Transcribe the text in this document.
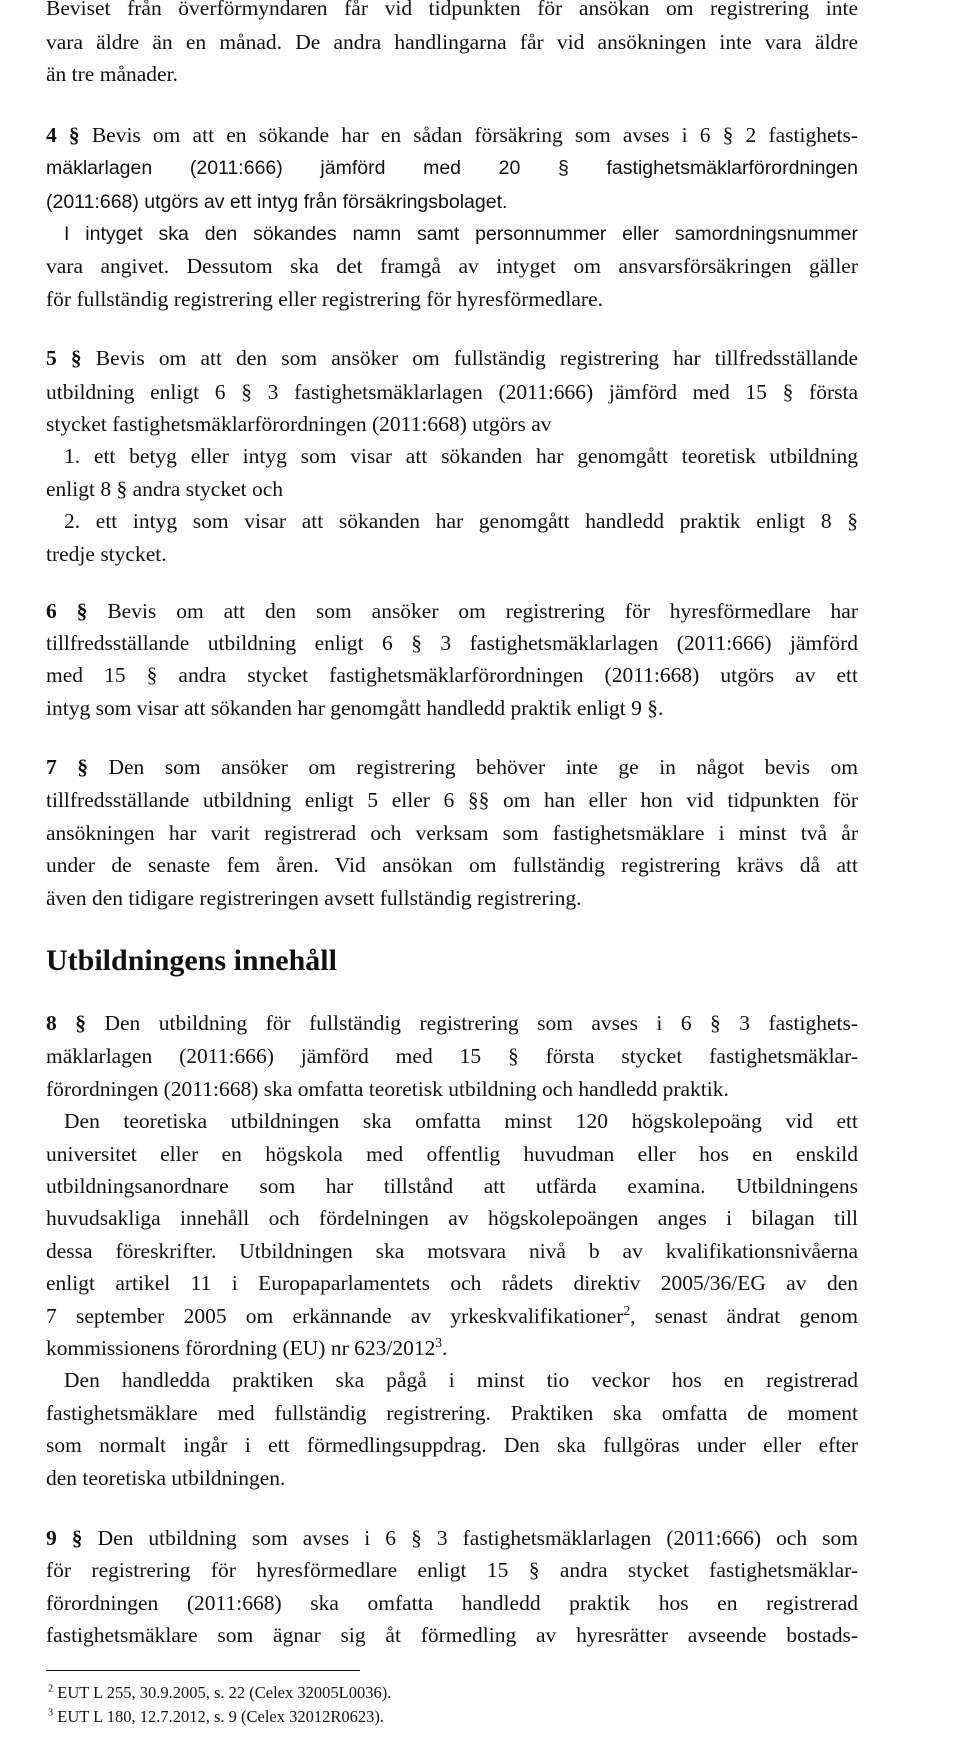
Beviset från överförmyndaren får vid tidpunkten för ansökan om registrering inte
vara äldre än en månad. De andra handlingarna får vid ansökningen inte vara äldre
än tre månader.
4 § Bevis om att en sökande har en sådan försäkring som avses i 6 § 2 fastighets-
mäklarlagen (2011:666) jämförd med 20 § fastighetsmäklarförordningen
(2011:668) utgörs av ett intyg från försäkringsbolaget.
I intyget ska den sökandes namn samt personnummer eller samordningsnummer
vara angivet. Dessutom ska det framgå av intyget om ansvarsförsäkringen gäller
för fullständig registrering eller registrering för hyresförmedlare.
5 § Bevis om att den som ansöker om fullständig registrering har tillfredsställande
utbildning enligt 6 § 3 fastighetsmäklarlagen (2011:666) jämförd med 15 § första
stycket fastighetsmäklarförordningen (2011:668) utgörs av
1. ett betyg eller intyg som visar att sökanden har genomgått teoretisk utbildning
enligt 8 § andra stycket och
2. ett intyg som visar att sökanden har genomgått handledd praktik enligt 8 §
tredje stycket.
6 § Bevis om att den som ansöker om registrering för hyresförmedlare har
tillfredsställande utbildning enligt 6 § 3 fastighetsmäklarlagen (2011:666) jämförd
med 15 § andra stycket fastighetsmäklarförordningen (2011:668) utgörs av ett
intyg som visar att sökanden har genomgått handledd praktik enligt 9 §.
7 § Den som ansöker om registrering behöver inte ge in något bevis om
tillfredsställande utbildning enligt 5 eller 6 §§ om han eller hon vid tidpunkten för
ansökningen har varit registrerad och verksam som fastighetsmäklare i minst två år
under de senaste fem åren. Vid ansökan om fullständig registrering krävs då att
även den tidigare registreringen avsett fullständig registrering.
Utbildningens innehåll
8 § Den utbildning för fullständig registrering som avses i 6 § 3 fastighets-
mäklarlagen (2011:666) jämförd med 15 § första stycket fastighetsmäklar-
förordningen (2011:668) ska omfatta teoretisk utbildning och handledd praktik.
Den teoretiska utbildningen ska omfatta minst 120 högskolepoäng vid ett
universitet eller en högskola med offentlig huvudman eller hos en enskild
utbildningsanordnare som har tillstånd att utfärda examina. Utbildningens
huvudsakliga innehåll och fördelningen av högskolepoängen anges i bilagan till
dessa föreskrifter. Utbildningen ska motsvara nivå b av kvalifikationsnivåerna
enligt artikel 11 i Europaparlamentets och rådets direktiv 2005/36/EG av den
7 september 2005 om erkännande av yrkeskvalifikationer$^2$, senast ändrat genom
kommissionens förordning (EU) nr 623/2012$^3$.
Den handledda praktiken ska pågå i minst tio veckor hos en registrerad
fastighetsmäklare med fullständig registrering. Praktiken ska omfatta de moment
som normalt ingår i ett förmedlingsuppdrag. Den ska fullgöras under eller efter
den teoretiska utbildningen.
9 § Den utbildning som avses i 6 § 3 fastighetsmäklarlagen (2011:666) och som
för registrering för hyresförmedlare enligt 15 § andra stycket fastighetsmäklar-
förordningen (2011:668) ska omfatta handledd praktik hos en registrerad
fastighetsmäklare som ägnar sig åt förmedling av hyresrätter avseende bostads-
$^2$ EUT L 255, 30.9.2005, s. 22 (Celex 32005L0036).
$^3$ EUT L 180, 12.7.2012, s. 9 (Celex 32012R0623).
